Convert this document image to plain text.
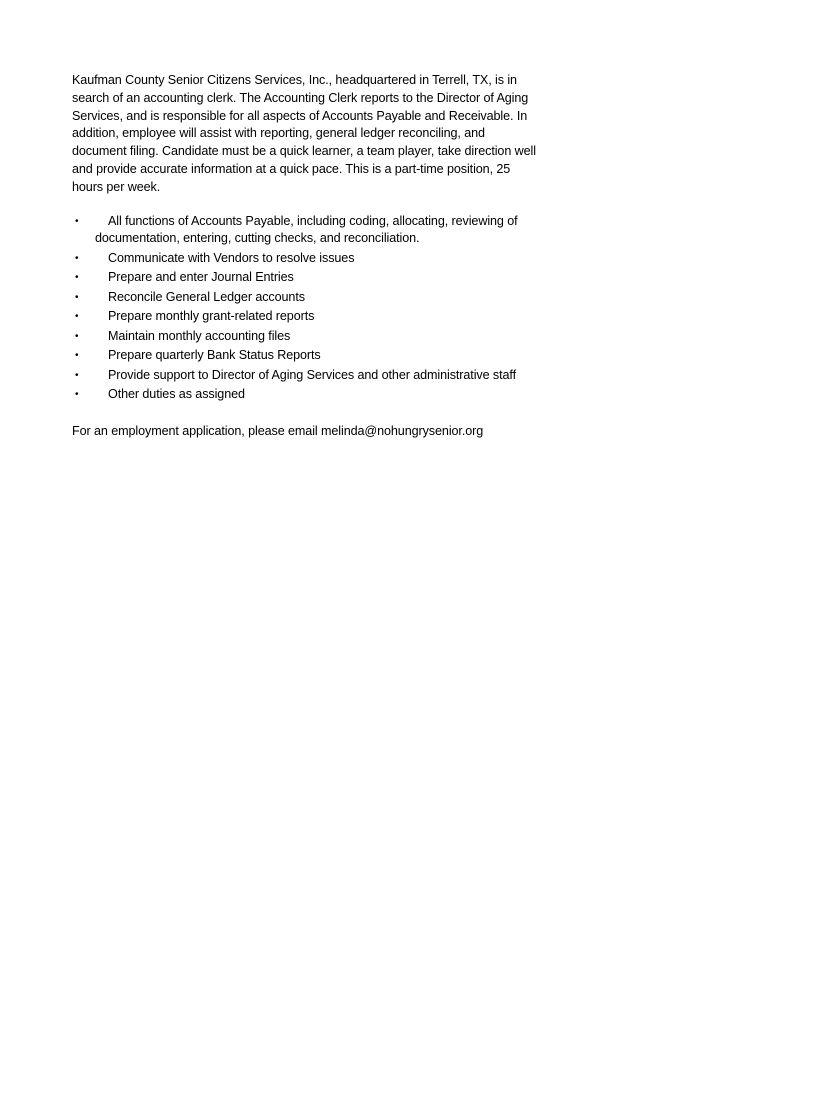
Kaufman County Senior Citizens Services, Inc., headquartered in Terrell, TX, is in search of an accounting clerk. The Accounting Clerk reports to the Director of Aging Services, and is responsible for all aspects of Accounts Payable and Receivable. In addition, employee will assist with reporting, general ledger reconciling, and document filing. Candidate must be a quick learner, a team player, take direction well and provide accurate information at a quick pace. This is a part-time position, 25 hours per week.

• All functions of Accounts Payable, including coding, allocating, reviewing of documentation, entering, cutting checks, and reconciliation.
• Communicate with Vendors to resolve issues
• Prepare and enter Journal Entries
• Reconcile General Ledger accounts
• Prepare monthly grant-related reports
• Maintain monthly accounting files
• Prepare quarterly Bank Status Reports
• Provide support to Director of Aging Services and other administrative staff
• Other duties as assigned

For an employment application, please email melinda@nohungrysenior.org
